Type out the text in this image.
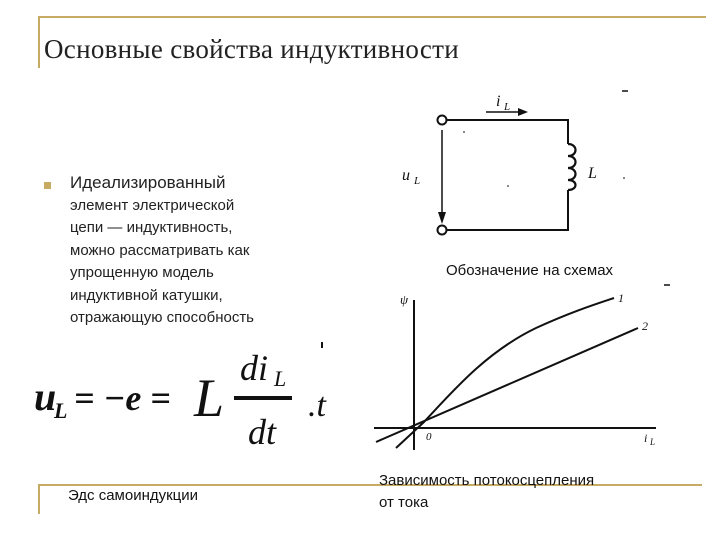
Основные свойства индуктивности
Идеализированный
элемент электрической
цепи — индуктивность,
можно рассматривать как
упрощенную модель
индуктивной катушки,
отражающую способность
u
L = −e = L di L
dt
.t
Эдс самоиндукции
i L
u L	L
Обозначение на схемах
ψ
i L
0
1
2
Зависимость потокосцепления
от тока
